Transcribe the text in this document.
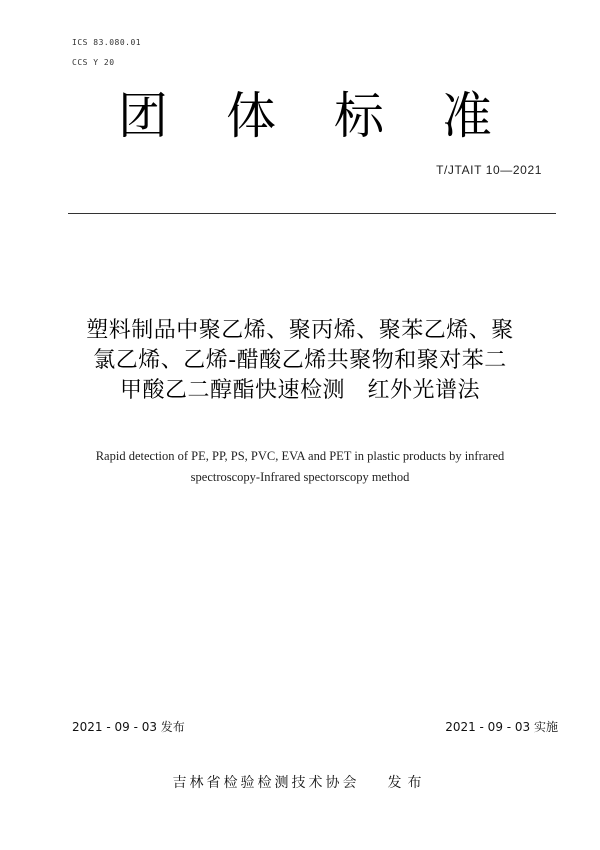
ICS 83.080.01
CCS Y 20
团体标准
T/JTAIT 10—2021
塑料制品中聚乙烯、聚丙烯、聚苯乙烯、聚
氯乙烯、乙烯-醋酸乙烯共聚物和聚对苯二
甲酸乙二醇酯快速检测　红外光谱法
Rapid detection of PE, PP, PS, PVC, EVA and PET in plastic products by infrared
spectroscopy-Infrared spectorscopy method
2021 - 09 - 03 发布	2021 - 09 - 03 实施
吉林省检验检测技术协会 发布
